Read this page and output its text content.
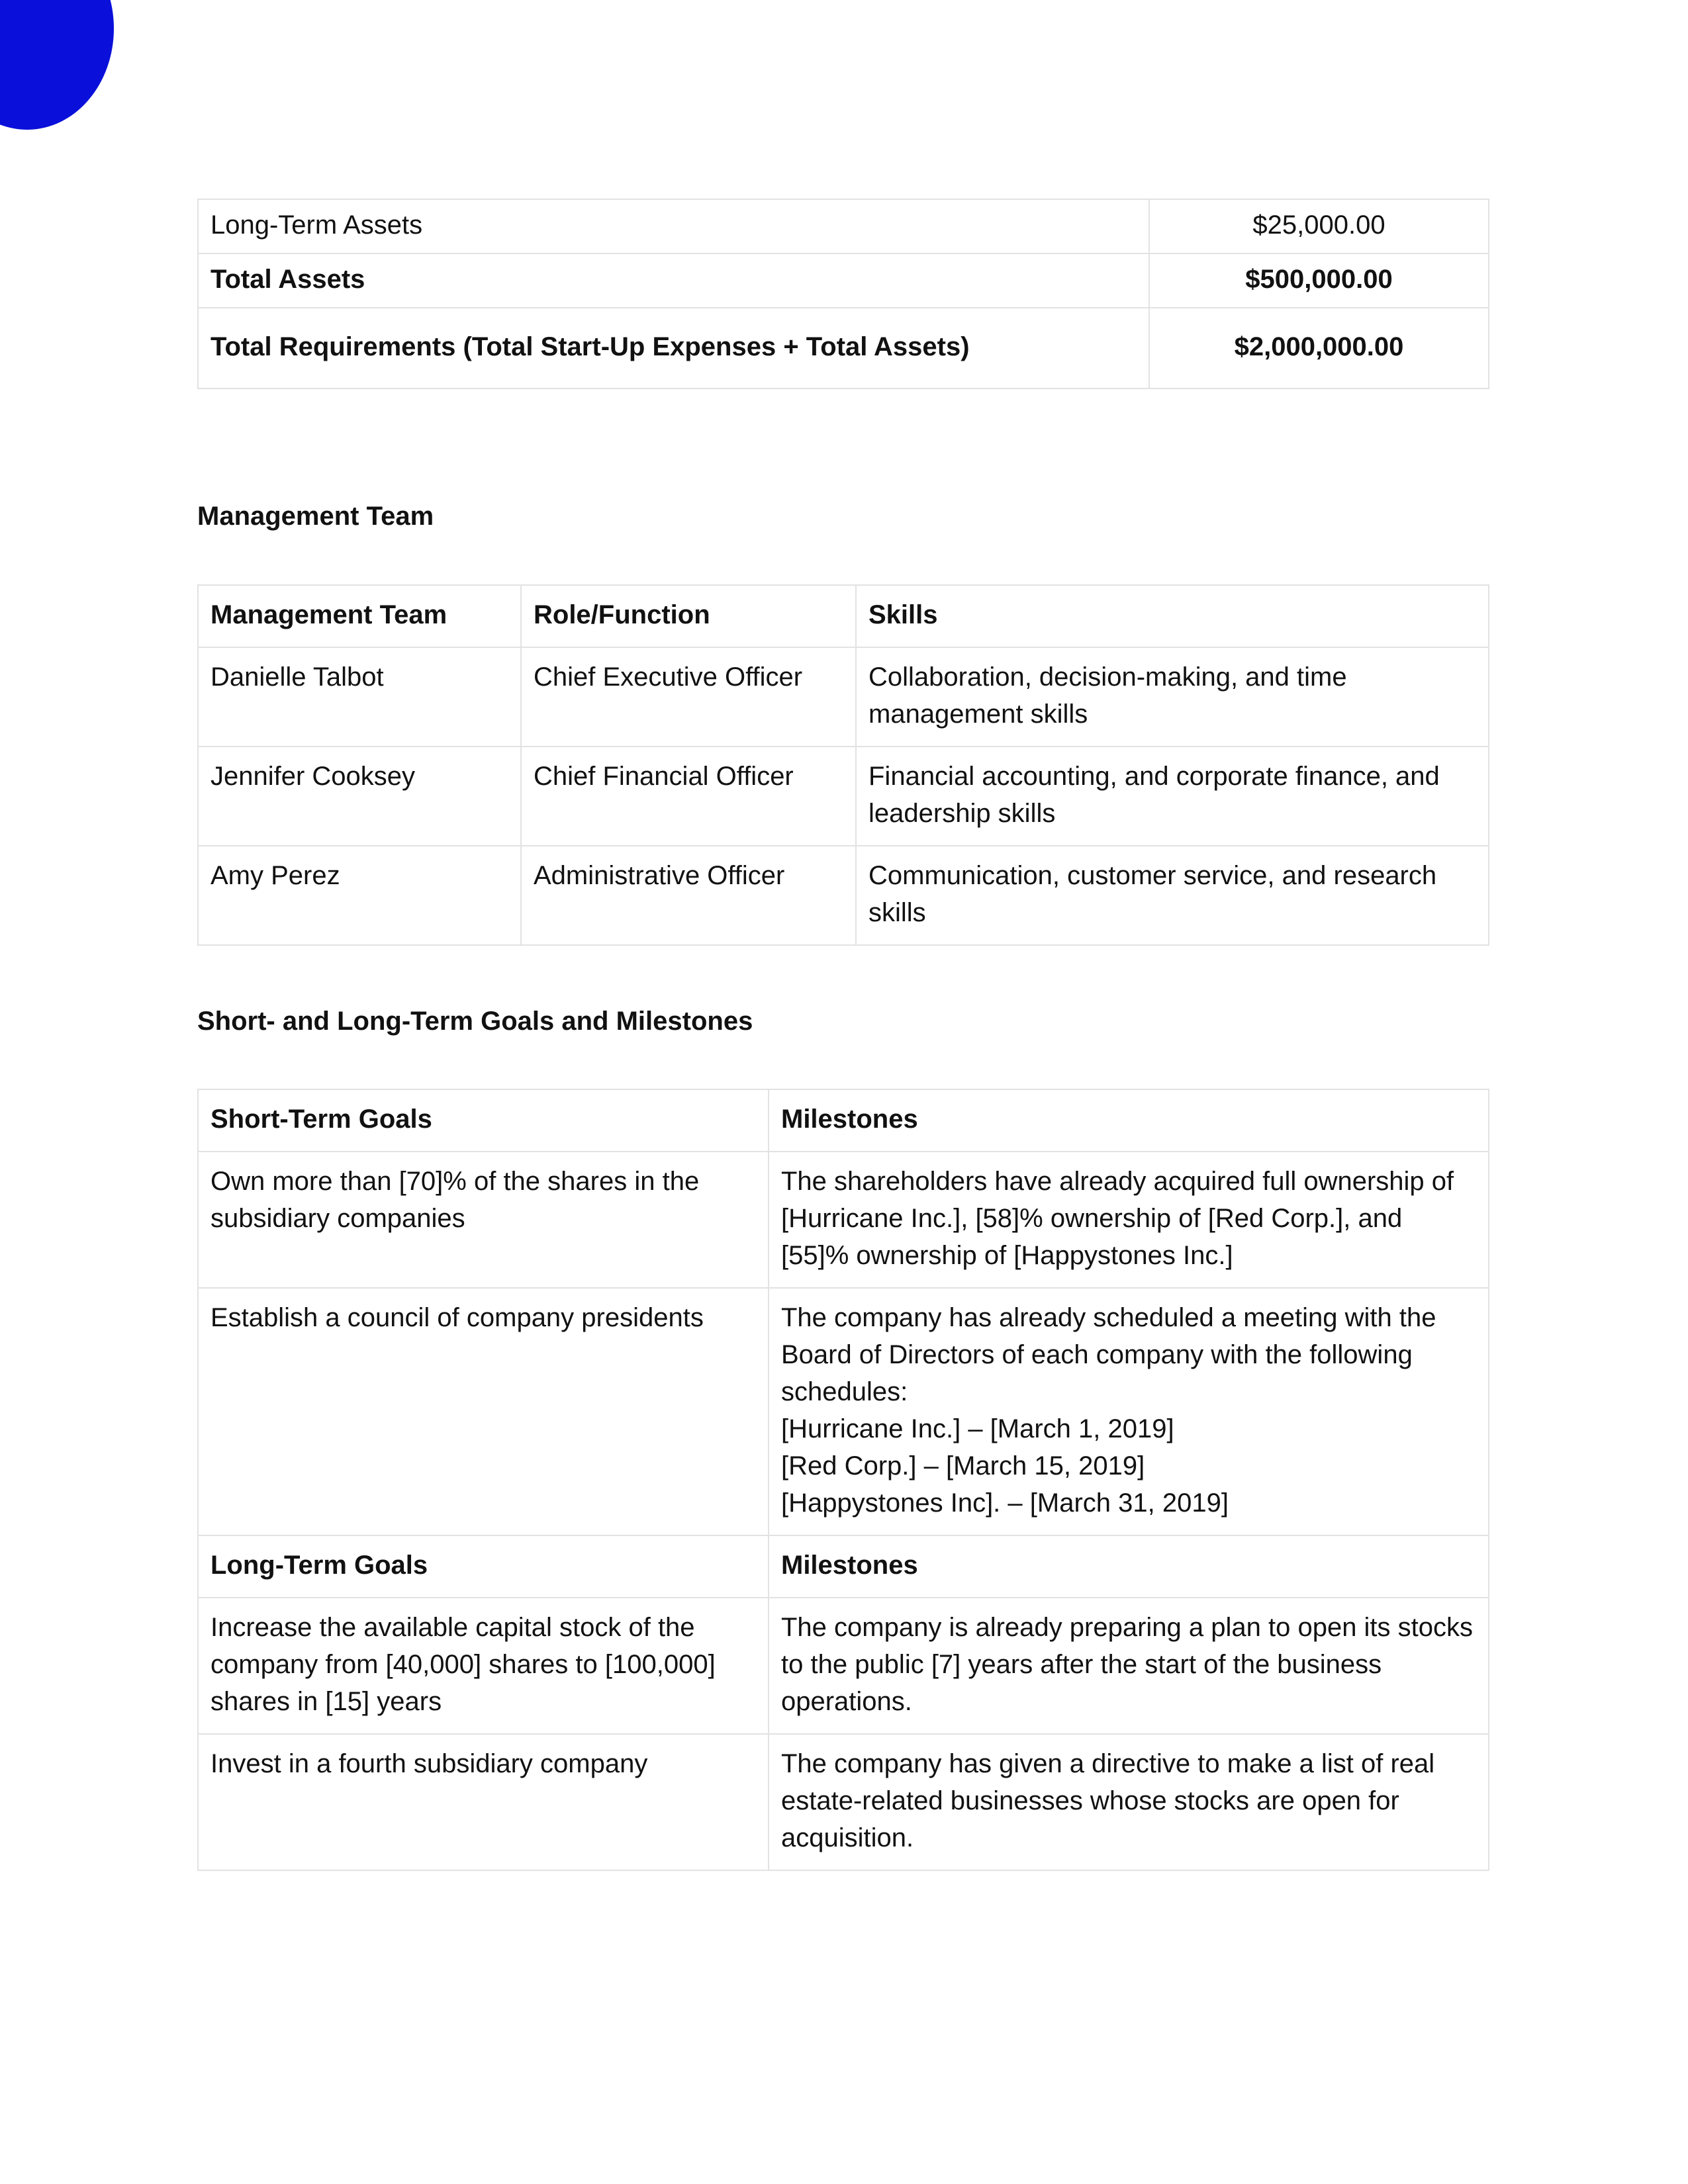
Long-Term Assets	$25,000.00
Total Assets	$500,000.00
Total Requirements (Total Start-Up Expenses + Total Assets)	$2,000,000.00
Management Team
Management Team	Role/Function	Skills
Danielle Talbot	Chief Executive Officer	Collaboration, decision-making, and time management skills
Jennifer Cooksey	Chief Financial Officer	Financial accounting, and corporate finance, and leadership skills
Amy Perez	Administrative Officer	Communication, customer service, and research skills
Short- and Long-Term Goals and Milestones
Short-Term Goals	Milestones
Own more than [70]% of the shares in the subsidiary companies	The shareholders have already acquired full ownership of [Hurricane Inc.], [58]% ownership of [Red Corp.], and [55]% ownership of [Happystones Inc.]
Establish a council of company presidents	The company has already scheduled a meeting with the Board of Directors of each company with the following schedules:
[Hurricane Inc.] – [March 1, 2019]
[Red Corp.] – [March 15, 2019]
[Happystones Inc]. – [March 31, 2019]
Long-Term Goals	Milestones
Increase the available capital stock of the company from [40,000] shares to [100,000] shares in [15] years	The company is already preparing a plan to open its stocks to the public [7] years after the start of the business operations.
Invest in a fourth subsidiary company	The company has given a directive to make a list of real estate-related businesses whose stocks are open for acquisition.
